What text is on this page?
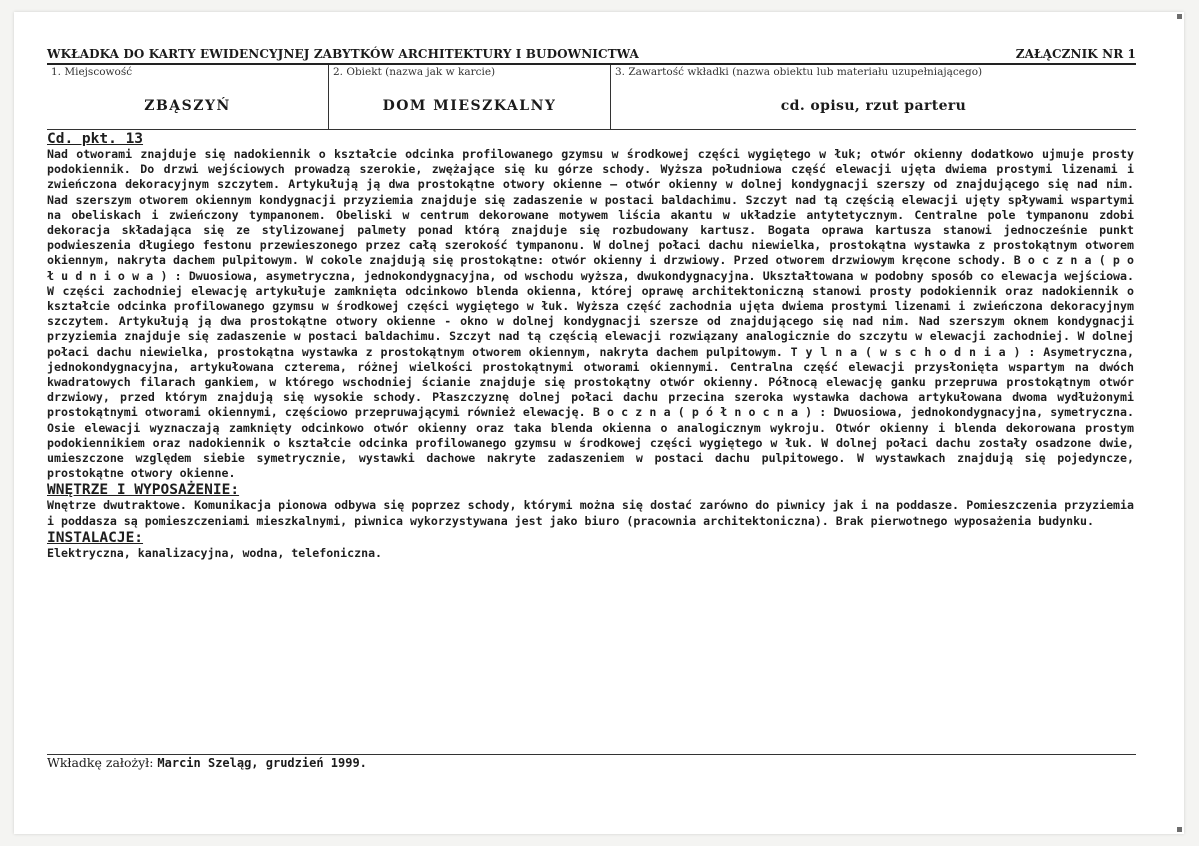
WKŁADKA DO KARTY EWIDENCYJNEJ ZABYTKÓW ARCHITEKTURY I BUDOWNICTWA	ZAŁĄCZNIK NR 1
1. Miejscowość
ZBĄSZYŃ
2. Obiekt (nazwa jak w karcie)
DOM MIESZKALNY
3. Zawartość wkładki (nazwa obiektu lub materiału uzupełniającego)
cd. opisu, rzut parteru
Cd. pkt. 13

Nad otworami znajduje się nadokiennik o kształcie odcinka profilowanego gzymsu w środkowej części wygiętego w łuk; otwór okienny dodatkowo ujmuje prosty podokiennik. Do drzwi wejściowych prowadzą szerokie, zwężające się ku górze schody. Wyższa południowa część elewacji ujęta dwiema prostymi lizenami i zwieńczona dekoracyjnym szczytem. Artykułują ją dwa prostokątne otwory okienne – otwór okienny w dolnej kondygnacji szerszy od znajdującego się nad nim. Nad szerszym otworem okiennym kondygnacji przyziemia znajduje się zadaszenie w postaci baldachimu. Szczyt nad tą częścią elewacji ujęty spływami wspartymi na obeliskach i zwieńczony tympanonem. Obeliski w centrum dekorowane motywem liścia akantu w układzie antytetycznym. Centralne pole tympanonu zdobi dekoracja składająca się ze stylizowanej palmety ponad którą znajduje się rozbudowany kartusz. Bogata oprawa kartusza stanowi jednocześnie punkt podwieszenia długiego festonu przewieszonego przez całą szerokość tympanonu. W dolnej połaci dachu niewielka, prostokątna wystawka z prostokątnym otworem okiennym, nakryta dachem pulpitowym. W cokole znajdują się prostokątne: otwór okienny i drzwiowy. Przed otworem drzwiowym kręcone schody. B o c z n a ( p o ł u d n i o w a ) : Dwuosiowa, asymetryczna, jednokondygnacyjna, od wschodu wyższa, dwukondygnacyjna. Ukształtowana w podobny sposób co elewacja wejściowa. W części zachodniej elewację artykułuje zamknięta odcinkowo blenda okienna, której oprawę architektoniczną stanowi prosty podokiennik oraz nadokiennik o kształcie odcinka profilowanego gzymsu w środkowej części wygiętego w łuk. Wyższa część zachodnia ujęta dwiema prostymi lizenami i zwieńczona dekoracyjnym szczytem. Artykułują ją dwa prostokątne otwory okienne - okno w dolnej kondygnacji szersze od znajdującego się nad nim. Nad szerszym oknem kondygnacji przyziemia znajduje się zadaszenie w postaci baldachimu. Szczyt nad tą częścią elewacji rozwiązany analogicznie do szczytu w elewacji zachodniej. W dolnej połaci dachu niewielka, prostokątna wystawka z prostokątnym otworem okiennym, nakryta dachem pulpitowym. T y l n a ( w s c h o d n i a ) : Asymetryczna, jednokondygnacyjna, artykułowana czterema, różnej wielkości prostokątnymi otworami okiennymi. Centralna część elewacji przysłonięta wspartym na dwóch kwadratowych filarach gankiem, w którego wschodniej ścianie znajduje się prostokątny otwór okienny. Północą elewację ganku przepruwa prostokątnym otwór drzwiowy, przed którym znajdują się wysokie schody. Płaszczyznę dolnej połaci dachu przecina szeroka wystawka dachowa artykułowana dwoma wydłużonymi prostokątnymi otworami okiennymi, częściowo przepruwającymi również elewację. B o c z n a ( p ó ł n o c n a ) : Dwuosiowa, jednokondygnacyjna, symetryczna. Osie elewacji wyznaczają zamknięty odcinkowo otwór okienny oraz taka blenda okienna o analogicznym wykroju. Otwór okienny i blenda dekorowana prostym podokiennikiem oraz nadokiennik o kształcie odcinka profilowanego gzymsu w środkowej części wygiętego w łuk. W dolnej połaci dachu zostały osadzone dwie, umieszczone względem siebie symetrycznie, wystawki dachowe nakryte zadaszeniem w postaci dachu pulpitowego. W wystawkach znajdują się pojedyncze, prostokątne otwory okienne.

WNĘTRZE I WYPOSAŻENIE:

Wnętrze dwutraktowe. Komunikacja pionowa odbywa się poprzez schody, którymi można się dostać zarówno do piwnicy jak i na poddasze. Pomieszczenia przyziemia i poddasza są pomieszczeniami mieszkalnymi, piwnica wykorzystywana jest jako biuro (pracownia architektoniczna). Brak pierwotnego wyposażenia budynku.

INSTALACJE:

Elektryczna, kanalizacyjna, wodna, telefoniczna.

Wkładkę założył: Marcin Szeląg, grudzień 1999.
